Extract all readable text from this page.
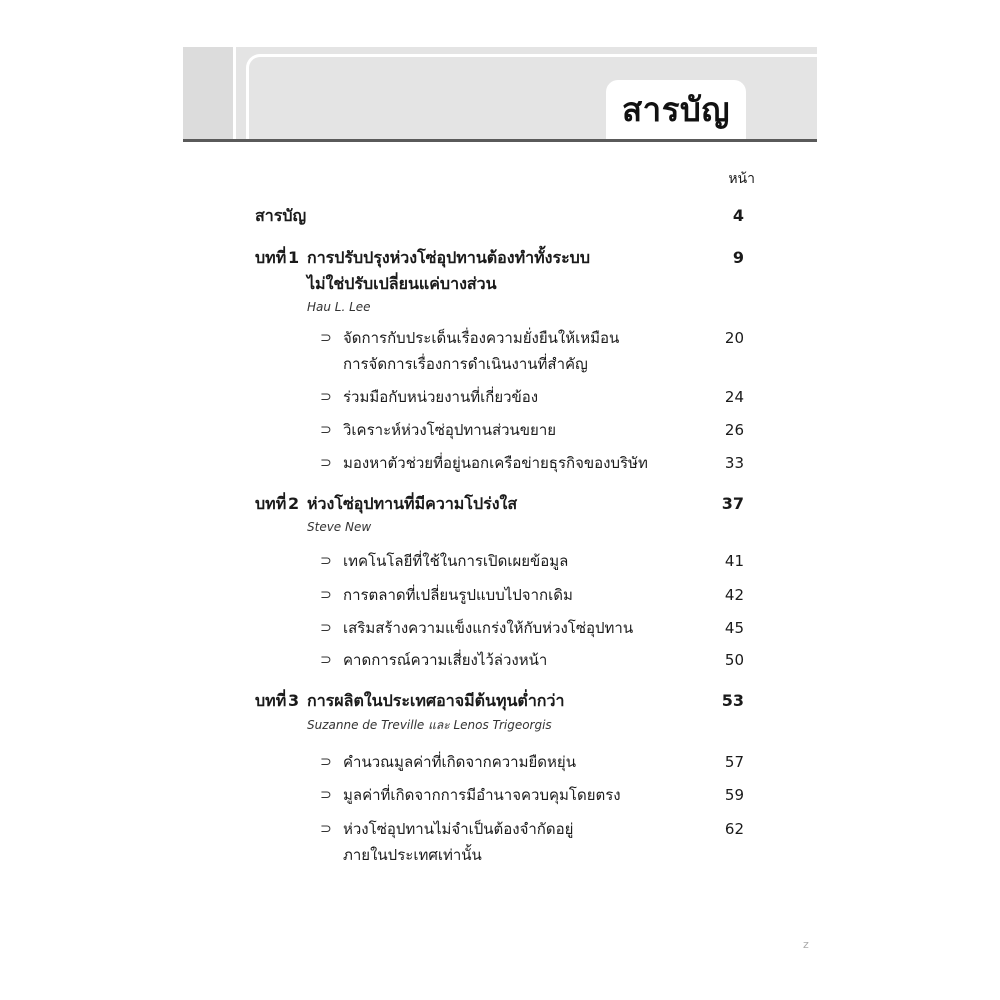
สารบัญ
หน้า
สารบัญ	4
บทที่ 1 การปรับปรุงห่วงโซ่อุปทานต้องทำทั้งระบบ	9
ไม่ใช่ปรับเปลี่ยนแค่บางส่วน
Hau L. Lee
⊃ จัดการกับประเด็นเรื่องความยั่งยืนให้เหมือน	20
การจัดการเรื่องการดำเนินงานที่สำคัญ
⊃ ร่วมมือกับหน่วยงานที่เกี่ยวข้อง	24
⊃ วิเคราะห์ห่วงโซ่อุปทานส่วนขยาย	26
⊃ มองหาตัวช่วยที่อยู่นอกเครือข่ายธุรกิจของบริษัท	33
บทที่ 2 ห่วงโซ่อุปทานที่มีความโปร่งใส	37
Steve New
⊃ เทคโนโลยีที่ใช้ในการเปิดเผยข้อมูล	41
⊃ การตลาดที่เปลี่ยนรูปแบบไปจากเดิม	42
⊃ เสริมสร้างความแข็งแกร่งให้กับห่วงโซ่อุปทาน	45
⊃ คาดการณ์ความเสี่ยงไว้ล่วงหน้า	50
บทที่ 3 การผลิตในประเทศอาจมีต้นทุนต่ำกว่า	53
Suzanne de Treville และ Lenos Trigeorgis
⊃ คำนวณมูลค่าที่เกิดจากความยืดหยุ่น	57
⊃ มูลค่าที่เกิดจากการมีอำนาจควบคุมโดยตรง	59
⊃ ห่วงโซ่อุปทานไม่จำเป็นต้องจำกัดอยู่	62
ภายในประเทศเท่านั้น
z
